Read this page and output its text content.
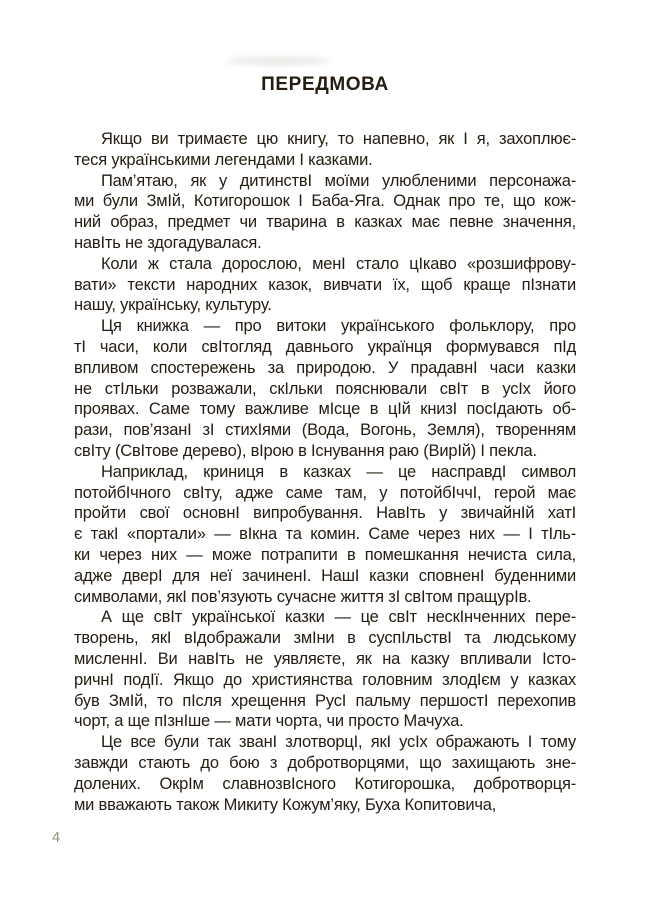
ПЕРЕДМОВА
Якщо ви тримаєте цю книгу, то напевно, як І я, захоплює-
теся українськими легендами І казками.
Пам’ятаю, як у дитинствІ моїми улюбленими персонажа-
ми були ЗмІй, Котигорошок І Баба-Яга. Однак про те, що кож-
ний образ, предмет чи тварина в казках має певне значення,
навІть не здогадувалася.
Коли ж стала дорослою, менІ стало цІкаво «розшифрову-
вати» тексти народних казок, вивчати їх, щоб краще пІзнати
нашу, українську, культуру.
Ця книжка — про витоки українського фольклору, про
тІ часи, коли свІтогляд давнього українця формувався пІд
впливом спостережень за природою. У прадавнІ часи казки
не стІльки розважали, скІльки пояснювали свІт в усІх його
проявах. Саме тому важливе мІсце в цІй книзІ посІдають об-
рази, пов’язанІ зІ стихІями (Вода, Вогонь, Земля), творенням
свІту (СвІтове дерево), вІрою в Існування раю (ВирІй) І пекла.
Наприклад, криниця в казках — це насправдІ символ
потойбІчного свІту, адже саме там, у потойбІччІ, герой має
пройти свої основнІ випробування. НавІть у звичайнІй хатІ
є такІ «портали» — вІкна та комин. Саме через них — І тІль-
ки через них — може потрапити в помешкання нечиста сила,
адже дверІ для неї зачиненІ. НашІ казки сповненІ буденними
символами, якІ пов’язують сучасне життя зІ свІтом пращурІв.
А ще свІт української казки — це свІт нескІнченних пере-
творень, якІ вІдображали змІни в суспІльствІ та людському
мисленнІ. Ви навІть не уявляєте, як на казку впливали Істо-
ричнІ подІї. Якщо до християнства головним злодІєм у казках
був ЗмІй, то пІсля хрещення РусІ пальму першостІ перехопив
чорт, а ще пІзнІше — мати чорта, чи просто Мачуха.
Це все були так званІ злотворцІ, якІ усІх ображають І тому
завжди стають до бою з добротворцями, що захищають зне-
долених. ОкрІм славнозвІсного Котигорошка, добротворця-
ми вважають також Микиту Кожум’яку, Буха Копитовича,
4
